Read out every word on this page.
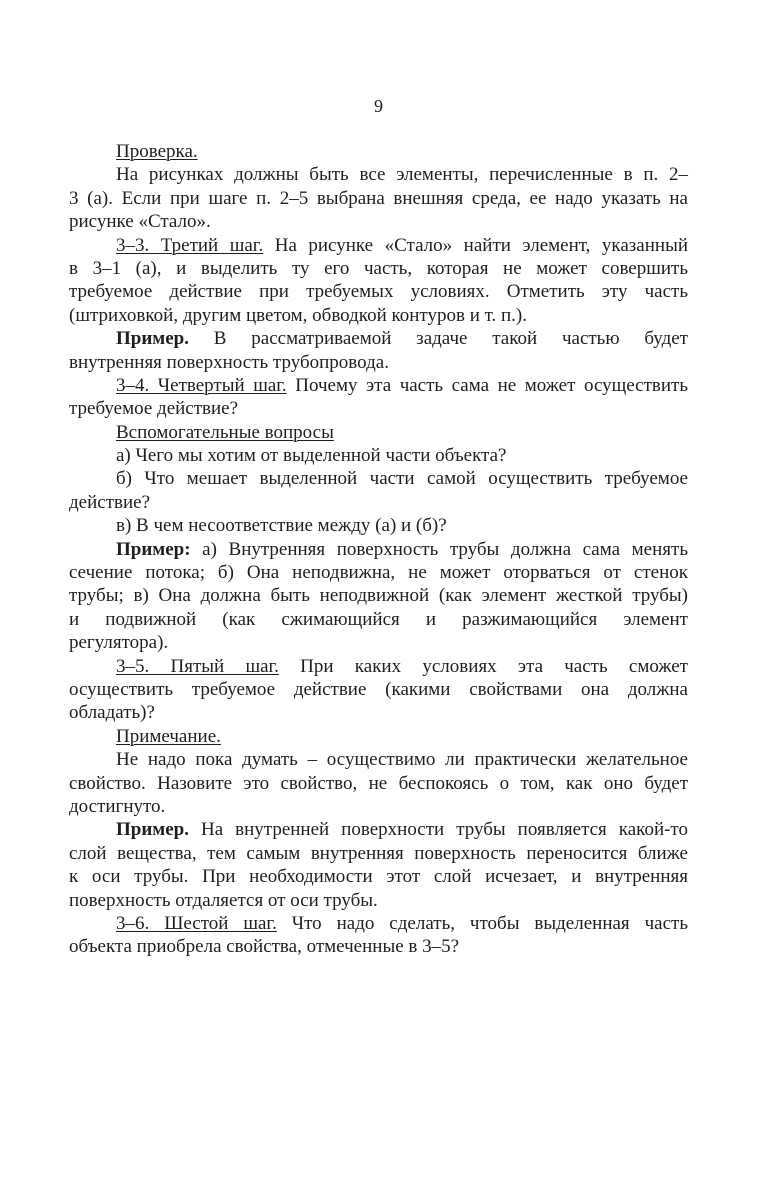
9
Проверка.
На рисунках должны быть все элементы, перечисленные в п. 2–
3 (а). Если при шаге п. 2–5 выбрана внешняя среда, ее надо указать на
рисунке «Стало».
3–3. Третий шаг. На рисунке «Стало» найти элемент, указанный
в 3–1 (а), и выделить ту его часть, которая не может совершить
требуемое действие при требуемых условиях. Отметить эту часть
(штриховкой, другим цветом, обводкой контуров и т. п.).
Пример. В рассматриваемой задаче такой частью будет
внутренняя поверхность трубопровода.
3–4. Четвертый шаг. Почему эта часть сама не может осуществить
требуемое действие?
Вспомогательные вопросы
а) Чего мы хотим от выделенной части объекта?
б) Что мешает выделенной части самой осуществить требуемое
действие?
в) В чем несоответствие между (а) и (б)?
Пример: а) Внутренняя поверхность трубы должна сама менять
сечение потока; б) Она неподвижна, не может оторваться от стенок
трубы; в) Она должна быть неподвижной (как элемент жесткой трубы)
и подвижной (как сжимающийся и разжимающийся элемент
регулятора).
3–5. Пятый шаг. При каких условиях эта часть сможет
осуществить требуемое действие (какими свойствами она должна
обладать)?
Примечание.
Не надо пока думать – осуществимо ли практически желательное
свойство. Назовите это свойство, не беспокоясь о том, как оно будет
достигнуто.
Пример. На внутренней поверхности трубы появляется какой-то
слой вещества, тем самым внутренняя поверхность переносится ближе
к оси трубы. При необходимости этот слой исчезает, и внутренняя
поверхность отдаляется от оси трубы.
3–6. Шестой шаг. Что надо сделать, чтобы выделенная часть
объекта приобрела свойства, отмеченные в 3–5?
